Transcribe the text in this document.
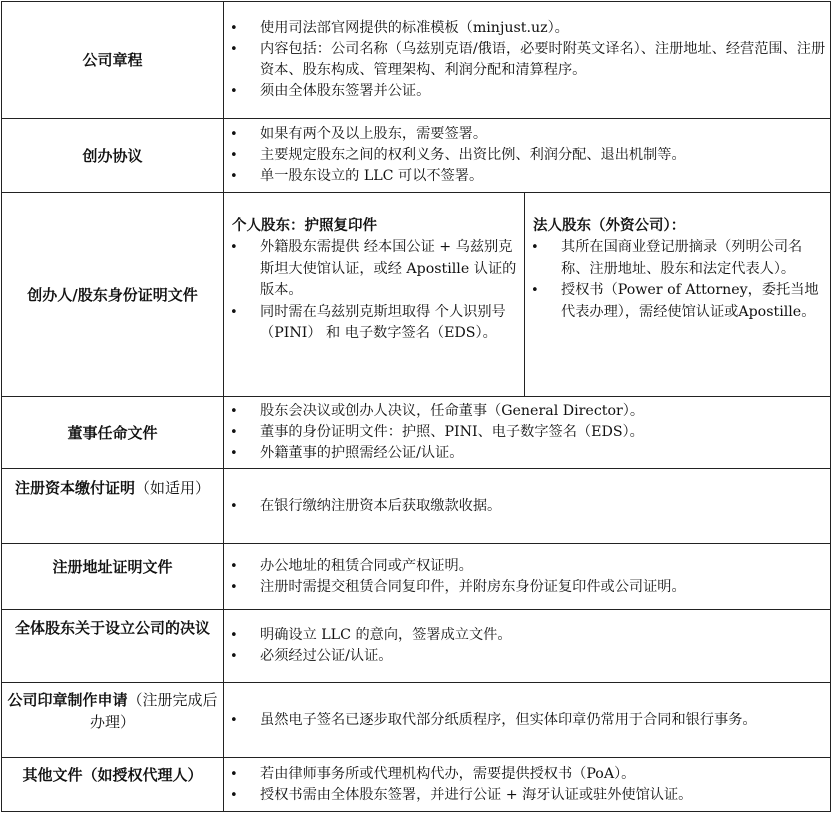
公司章程	
• 使用司法部官网提供的标准模板（minjust.uz）。
• 内容包括：公司名称（乌兹别克语/俄语，必要时附英文译名）、注册地址、经营范围、注册资本、股东构成、管理架构、利润分配和清算程序。
• 须由全体股东签署并公证。

创办协议	
• 如果有两个及以上股东，需要签署。
• 主要规定股东之间的权利义务、出资比例、利润分配、退出机制等。
• 单一股东设立的 LLC 可以不签署。

创办人/股东身份证明文件	
个人股东：护照复印件
• 外籍股东需提供 经本国公证 + 乌兹别克斯坦大使馆认证，或经 Apostille 认证的版本。
• 同时需在乌兹别克斯坦取得 个人识别号（PINI） 和 电子数字签名（EDS）。

法人股东（外资公司）：
• 其所在国商业登记册摘录（列明公司名称、注册地址、股东和法定代表人）。
• 授权书（Power of Attorney，委托当地代表办理），需经使馆认证或Apostille。

董事任命文件	
• 股东会决议或创办人决议，任命董事（General Director）。
• 董事的身份证明文件：护照、PINI、电子数字签名（EDS）。
• 外籍董事的护照需经公证/认证。

注册资本缴付证明（如适用）	
• 在银行缴纳注册资本后获取缴款收据。

注册地址证明文件	
•办公地址的租赁合同或产权证明。
• 注册时需提交租赁合同复印件，并附房东身份证复印件或公司证明。

全体股东关于设立公司的决议	
•明确设立 LLC 的意向，签署成立文件。
• 必须经过公证/认证。

公司印章制作申请（注册完成后办理）	
•虽然电子签名已逐步取代部分纸质程序，但实体印章仍常用于合同和银行事务。

其他文件（如授权代理人）	
•若由律师事务所或代理机构代办，需要提供授权书（PoA）。
• 授权书需由全体股东签署，并进行公证 + 海牙认证或驻外使馆认证。
